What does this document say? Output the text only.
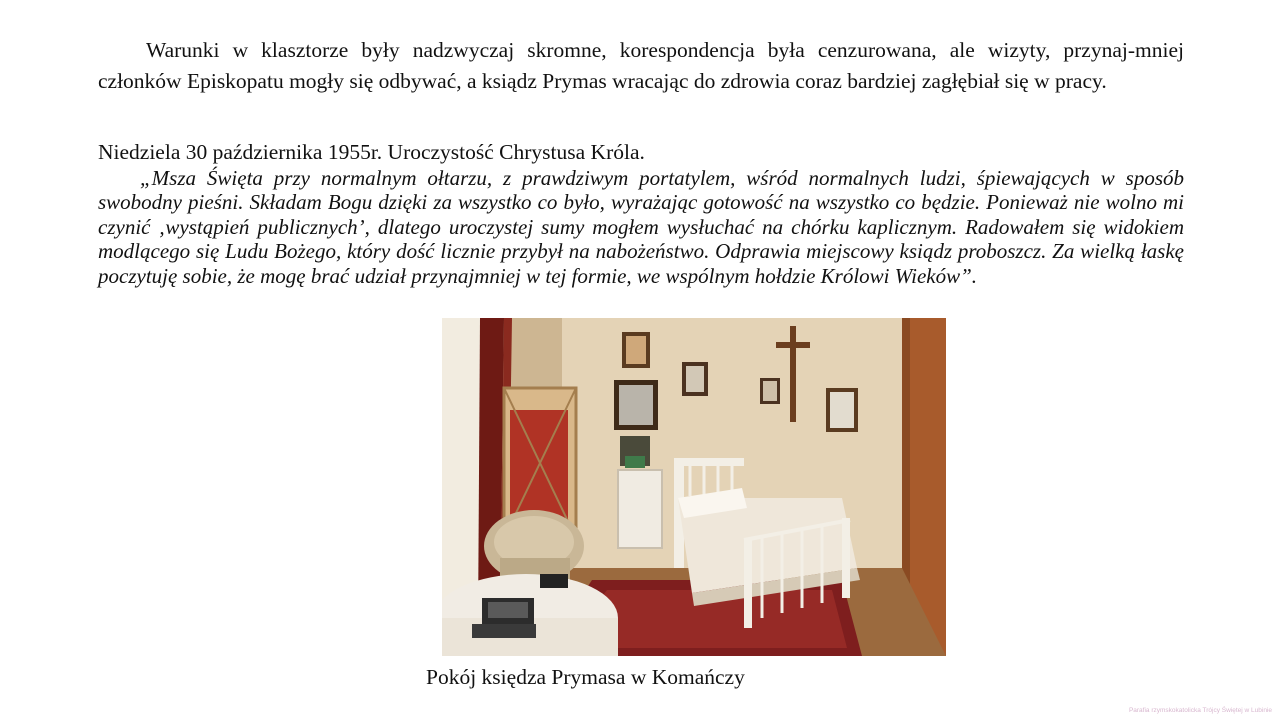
Warunki w klasztorze były nadzwyczaj skromne, korespondencja była cenzurowana, ale wizyty, przynaj-mniej członków Episkopatu mogły się odbywać, a ksiądz Prymas wracając do zdrowia coraz bardziej zagłębiał się w pracy.

Niedziela 30 października 1955r. Uroczystość Chrystusa Króla.

„Msza Święta przy normalnym ołtarzu, z prawdziwym portatylem, wśród normalnych ludzi, śpiewających w sposób swobodny pieśni. Składam Bogu dzięki za wszystko co było, wyrażając gotowość na wszystko co będzie. Ponieważ nie wolno mi czynić ‚wystąpień publicznych’, dlatego uroczystej sumy mogłem wysłuchać na chórku kaplicznym. Radowałem się widokiem modlącego się Ludu Bożego, który dość licznie przybył na nabożeństwo. Odprawia miejscowy ksiądz proboszcz. Za wielką łaskę poczytuję sobie, że mogę brać udział przynajmniej w tej formie, we wspólnym hołdzie Królowi Wieków”.

Pokój księdza Prymasa w Komańczy

Parafia rzymskokatolicka Trójcy Świętej w Lubinie
